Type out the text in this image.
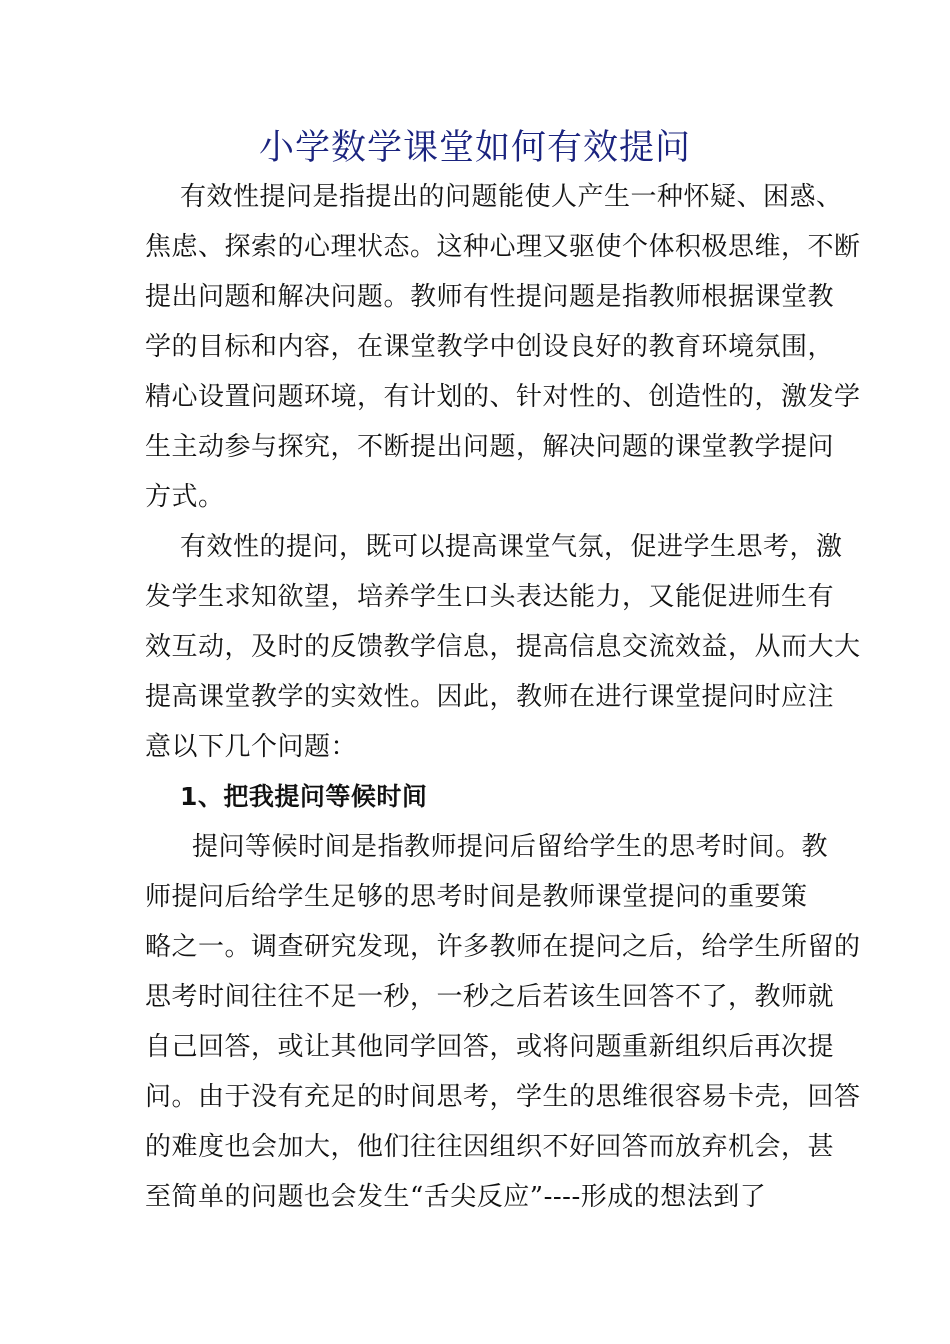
小学数学课堂如何有效提问
有效性提问是指提出的问题能使人产生一种怀疑、困惑、
焦虑、探索的心理状态。这种心理又驱使个体积极思维，不断
提出问题和解决问题。教师有性提问题是指教师根据课堂教
学的目标和内容，在课堂教学中创设良好的教育环境氛围，
精心设置问题环境，有计划的、针对性的、创造性的，激发学
生主动参与探究，不断提出问题，解决问题的课堂教学提问
方式。
有效性的提问，既可以提高课堂气氛，促进学生思考，激
发学生求知欲望，培养学生口头表达能力，又能促进师生有
效互动，及时的反馈教学信息，提高信息交流效益，从而大大
提高课堂教学的实效性。因此，教师在进行课堂提问时应注
意以下几个问题：
1、把我提问等候时间
提问等候时间是指教师提问后留给学生的思考时间。教
师提问后给学生足够的思考时间是教师课堂提问的重要策
略之一。调查研究发现，许多教师在提问之后，给学生所留的
思考时间往往不足一秒，一秒之后若该生回答不了，教师就
自己回答，或让其他同学回答，或将问题重新组织后再次提
问。由于没有充足的时间思考，学生的思维很容易卡壳，回答
的难度也会加大，他们往往因组织不好回答而放弃机会，甚
至简单的问题也会发生“舌尖反应”----形成的想法到了
